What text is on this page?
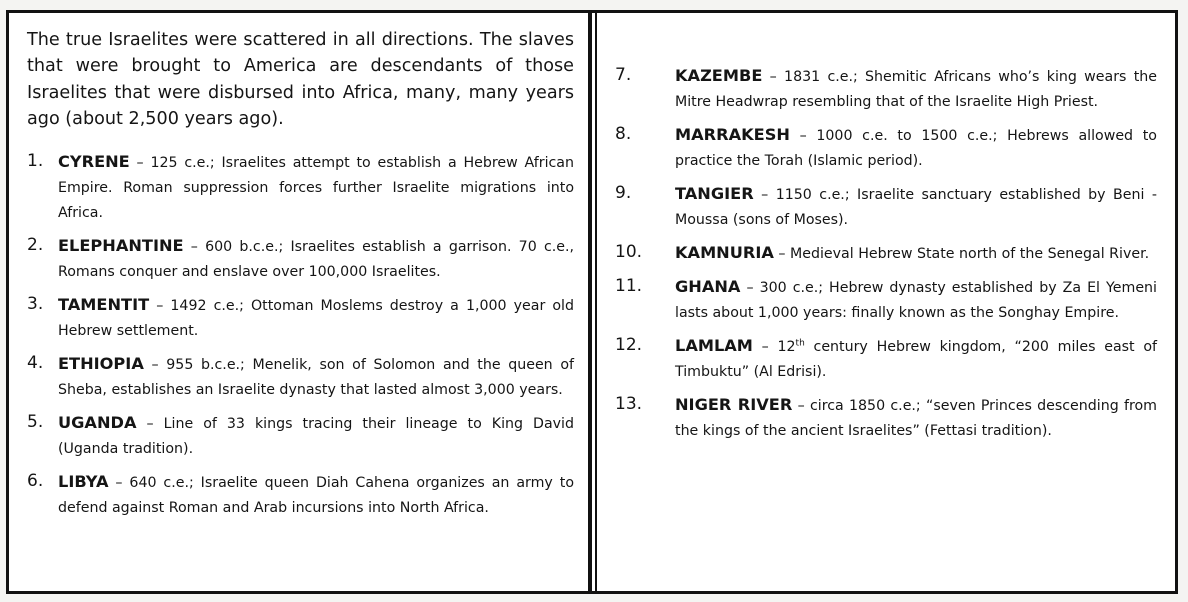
The true Israelites were scattered in all directions. The slaves that were brought to America are descendants of those Israelites that were disbursed into Africa, many, many years ago (about 2,500 years ago).

1. CYRENE – 125 c.e.; Israelites attempt to establish a Hebrew African Empire. Roman suppression forces further Israelite migrations into Africa.
2. ELEPHANTINE – 600 b.c.e.; Israelites establish a garrison. 70 c.e., Romans conquer and enslave over 100,000 Israelites.
3. TAMENTIT – 1492 c.e.; Ottoman Moslems destroy a 1,000 year old Hebrew settlement.
4. ETHIOPIA – 955 b.c.e.; Menelik, son of Solomon and the queen of Sheba, establishes an Israelite dynasty that lasted almost 3,000 years.
5. UGANDA – Line of 33 kings tracing their lineage to King David (Uganda tradition).
6. LIBYA – 640 c.e.; Israelite queen Diah Cahena organizes an army to defend against Roman and Arab incursions into North Africa.
7.	KAZEMBE – 1831 c.e.; Shemitic Africans who’s king wears the Mitre Headwrap resembling that of the Israelite High Priest.
8.	MARRAKESH – 1000 c.e. to 1500 c.e.; Hebrews allowed to practice the Torah (Islamic period).
9.	TANGIER – 1150 c.e.; Israelite sanctuary established by Beni -Moussa (sons of Moses).
10.	KAMNURIA – Medieval Hebrew State north of the Senegal River.
11.	GHANA – 300 c.e.; Hebrew dynasty established by Za El Yemeni lasts about 1,000 years: finally known as the Songhay Empire.
12.	LAMLAM – 12th century Hebrew kingdom, “200 miles east of Timbuktu” (Al Edrisi).
13.	NIGER RIVER – circa 1850 c.e.; “seven Princes descending from the kings of the ancient Israelites” (Fettasi tradition).
